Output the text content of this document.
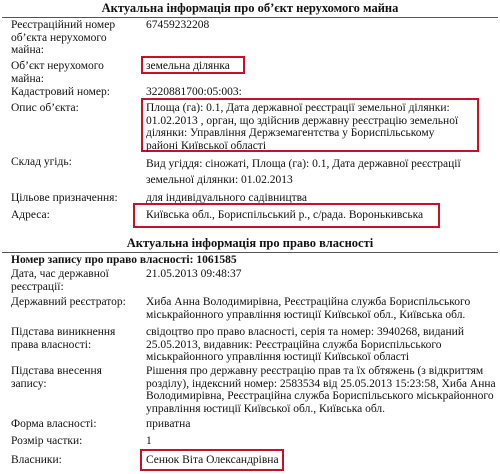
Актуальна інформація про об’єкт нерухомого майна
Реєстраційний номер об’єкта нерухомого майна:
67459232208
Об’єкт нерухомого майна:
земельна ділянка
Кадастровий номер:	3220881700:05:003:
Опис об’єкта:	Площа (га): 0.1, Дата державної реєстрації земельної ділянки: 01.02.2013 , орган, що здійснив державну реєстрацію земельної ділянки: Управління Держземагентства у Бориспільському районі Київської області
Склад угідь:	Вид угіддя: сіножаті, Площа (га): 0.1, Дата державної реєстрації земельної ділянки: 01.02.2013
Цільове призначення:	для індивідуального садівництва
Адреса:	Київська обл., Бориспільський р., с/рада. Воронькивська
Актуальна інформація про право власності
Номер запису про право власності: 1061585
Дата, час державної реєстрації:
21.05.2013 09:48:37
Державний реєстратор:	Хиба Анна Володимирівна, Реєстраційна служба Бориспільського міськрайонного управління юстиції Київської обл., Київська обл.
Підстава виникнення права власності:
свідоцтво про право власності, серія та номер: 3940268, виданий 25.05.2013, видавник: Реєстраційна служба Бориспільського міськрайонного управління юстиції Київської області
Підстава внесення запису:
Рішення про державну реєстрацію прав та їх обтяжень (з відкриттям розділу), індексний номер: 2583534 від 25.05.2013 15:23:58, Хиба Анна Володимирівна, Реєстраційна служба Бориспільського міськрайонного управління юстиції Київської обл., Київська обл.
Форма власності:	приватна
Розмір частки:	1
Власники:	Сенюк Віта Олександрівна
